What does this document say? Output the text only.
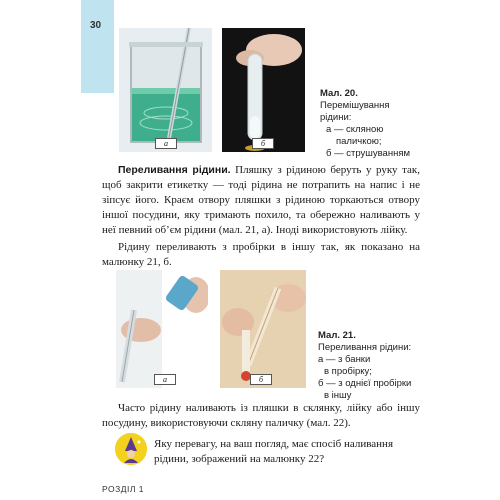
30
а	б
Мал. 20.
Перемішування
рідини:
а — скляною
паличкою;
б — струшуванням
Переливання рідини. Пляшку з рідиною беруть у руку так, щоб закрити етикетку — тоді рідина не потрапить на напис і не зіпсує його. Краєм отвору пляшки з рідиною торкаються отвору іншої посудини, яку тримають похило, та обережно наливають у неї певний об’єм рідини (мал. 21, а). Іноді використовують лійку.
Рідину переливають з пробірки в іншу так, як показано на малюнку 21, б.
а	б
Мал. 21.
Переливання рідини:
а — з банки
в пробірку;
б — з однієї пробірки
в іншу
Часто рідину наливають із пляшки в склянку, лійку або іншу посудину, використовуючи скляну паличку (мал. 22).
Яку перевагу, на ваш погляд, має спосіб наливання рідини, зображений на малюнку 22?
РОЗДІЛ 1
